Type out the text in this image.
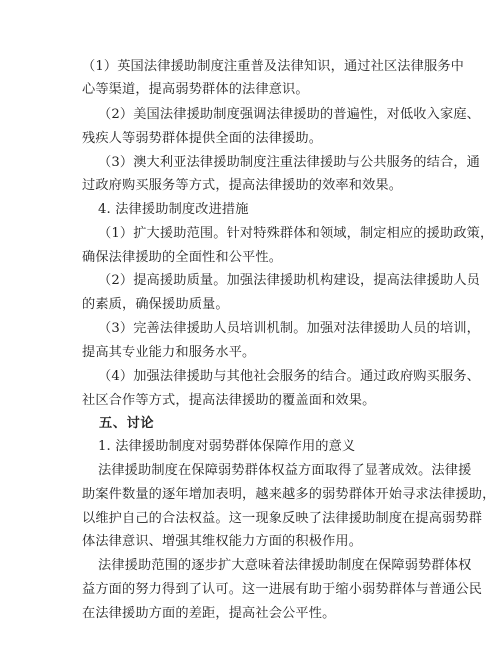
（1）英国法律援助制度注重普及法律知识，通过社区法律服务中
心等渠道，提高弱势群体的法律意识。
（2）美国法律援助制度强调法律援助的普遍性，对低收入家庭、
残疾人等弱势群体提供全面的法律援助。
（3）澳大利亚法律援助制度注重法律援助与公共服务的结合，通
过政府购买服务等方式，提高法律援助的效率和效果。
4. 法律援助制度改进措施
（1）扩大援助范围。针对特殊群体和领域，制定相应的援助政策，
确保法律援助的全面性和公平性。
（2）提高援助质量。加强法律援助机构建设，提高法律援助人员
的素质，确保援助质量。
（3）完善法律援助人员培训机制。加强对法律援助人员的培训，
提高其专业能力和服务水平。
（4）加强法律援助与其他社会服务的结合。通过政府购买服务、
社区合作等方式，提高法律援助的覆盖面和效果。
五、讨论
1. 法律援助制度对弱势群体保障作用的意义
法律援助制度在保障弱势群体权益方面取得了显著成效。法律援
助案件数量的逐年增加表明，越来越多的弱势群体开始寻求法律援助，
以维护自己的合法权益。这一现象反映了法律援助制度在提高弱势群
体法律意识、增强其维权能力方面的积极作用。
法律援助范围的逐步扩大意味着法律援助制度在保障弱势群体权
益方面的努力得到了认可。这一进展有助于缩小弱势群体与普通公民
在法律援助方面的差距，提高社会公平性。
